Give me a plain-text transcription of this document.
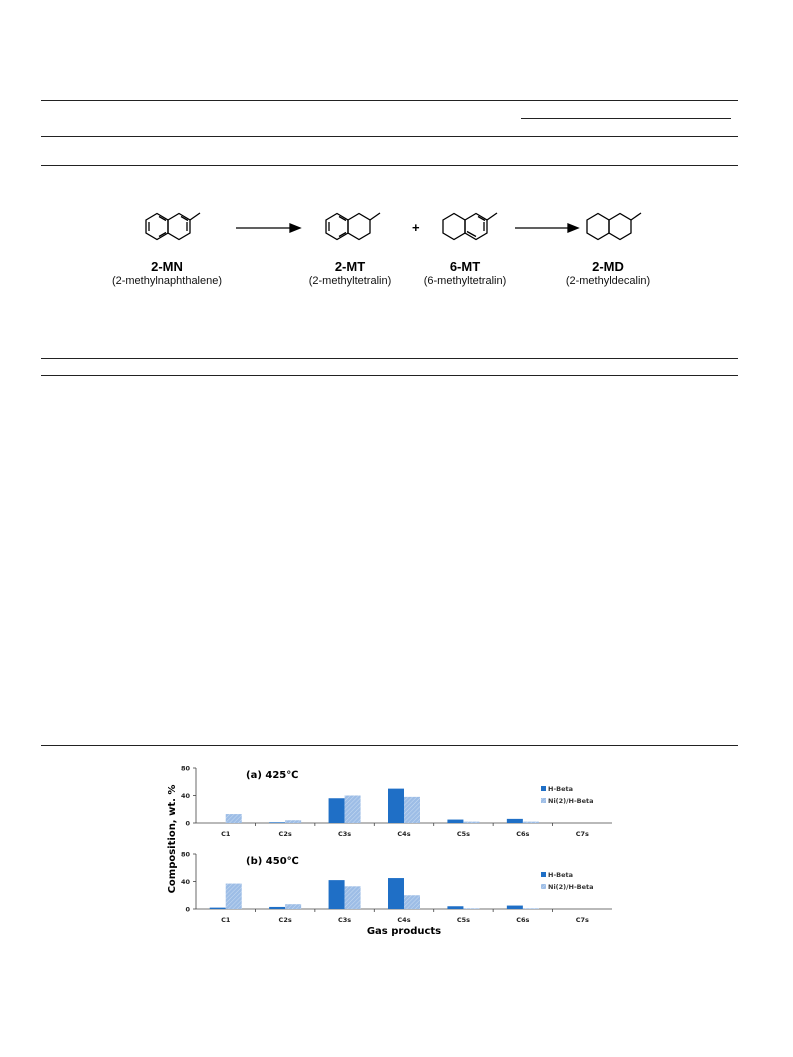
+
2-MN
(2-methylnaphthalene)
2-MT
(2-methyltetralin)
6-MT
(6-methyltetralin)
2-MD
(2-methyldecalin)
0
40
80
C1	C2s	C3s	C4s	C5s	C6s	C7s
(a) 425℃
H-Beta
Ni(2)/H-Beta
0
40
80
C1	C2s	C3s	C4s	C5s	C6s	C7s
(b) 450℃
H-Beta
Ni(2)/H-Beta
Composition, wt. %
Gas products
